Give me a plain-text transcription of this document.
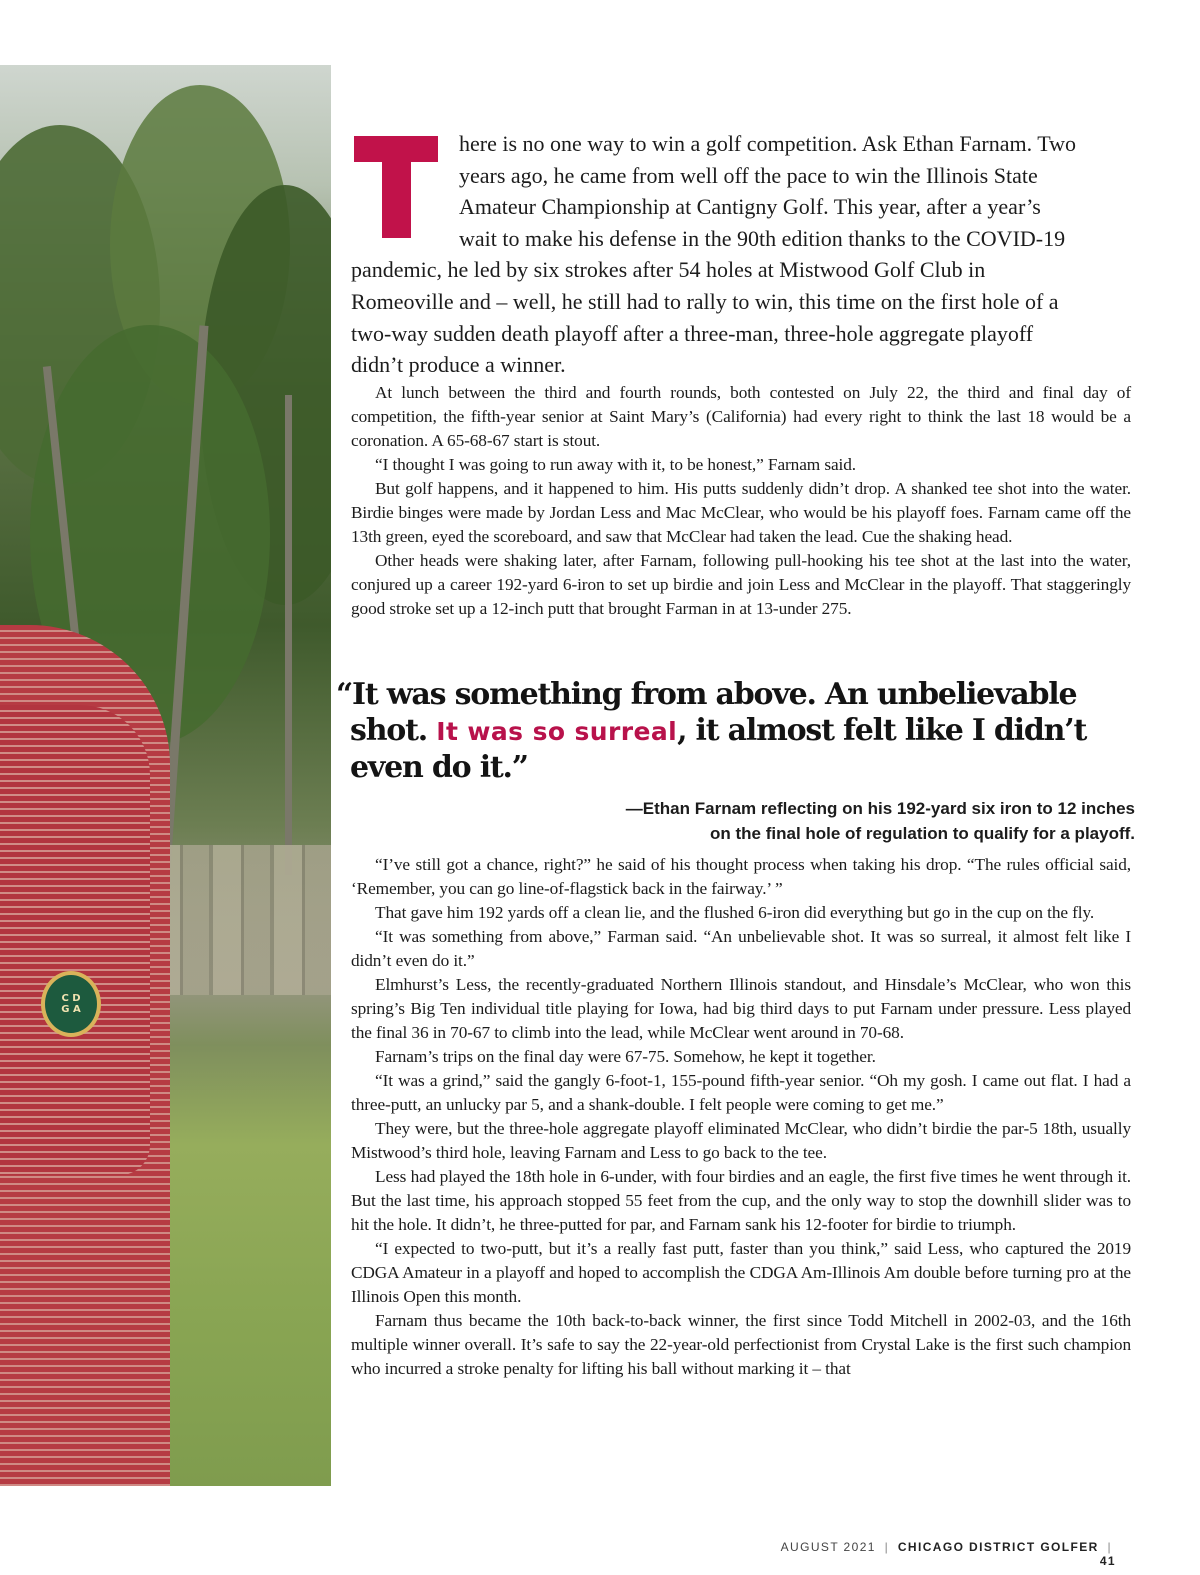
C D
G A

here is no one way to win a golf competition. Ask Ethan Farnam. Two
years ago, he came from well off the pace to win the Illinois State
Amateur Championship at Cantigny Golf. This year, after a year’s
wait to make his defense in the 90th edition thanks to the COVID-19
pandemic, he led by six strokes after 54 holes at Mistwood Golf Club in
Romeoville and – well, he still had to rally to win, this time on the first hole of a
two-way sudden death playoff after a three-man, three-hole aggregate playoff
didn’t produce a winner.

At lunch between the third and fourth rounds, both contested on July 22, the third and final day of competition, the fifth-year senior at Saint Mary’s (California) had every right to think the last 18 would be a coronation. A 65-68-67 start is stout.

“I thought I was going to run away with it, to be honest,” Farnam said.

But golf happens, and it happened to him. His putts suddenly didn’t drop. A shanked tee shot into the water. Birdie binges were made by Jordan Less and Mac McClear, who would be his playoff foes. Farnam came off the 13th green, eyed the scoreboard, and saw that McClear had taken the lead. Cue the shaking head.

Other heads were shaking later, after Farnam, following pull-hooking his tee shot at the last into the water, conjured up a career 192-yard 6-iron to set up birdie and join Less and McClear in the playoff. That staggeringly good stroke set up a 12-inch putt that brought Farman in at 13-under 275.

“It was something from above. An unbelievable shot. It was so surreal, it almost felt like I didn’t even do it.”

—Ethan Farnam reflecting on his 192-yard six iron to 12 inches
on the final hole of regulation to qualify for a playoff.

“I’ve still got a chance, right?” he said of his thought process when taking his drop. “The rules official said, ‘Remember, you can go line-of-flagstick back in the fairway.’ ”

That gave him 192 yards off a clean lie, and the flushed 6-iron did everything but go in the cup on the fly.

“It was something from above,” Farman said. “An unbelievable shot. It was so surreal, it almost felt like I didn’t even do it.”

Elmhurst’s Less, the recently-graduated Northern Illinois standout, and Hinsdale’s McClear, who won this spring’s Big Ten individual title playing for Iowa, had big third days to put Farnam under pressure. Less played the final 36 in 70-67 to climb into the lead, while McClear went around in 70-68.

Farnam’s trips on the final day were 67-75. Somehow, he kept it together.

“It was a grind,” said the gangly 6-foot-1, 155-pound fifth-year senior. “Oh my gosh. I came out flat. I had a three-putt, an unlucky par 5, and a shank-double. I felt people were coming to get me.”

They were, but the three-hole aggregate playoff eliminated McClear, who didn’t birdie the par-5 18th, usually Mistwood’s third hole, leaving Farnam and Less to go back to the tee.

Less had played the 18th hole in 6-under, with four birdies and an eagle, the first five times he went through it. But the last time, his approach stopped 55 feet from the cup, and the only way to stop the downhill slider was to hit the hole. It didn’t, he three-putted for par, and Farnam sank his 12-footer for birdie to triumph.

“I expected to two-putt, but it’s a really fast putt, faster than you think,” said Less, who captured the 2019 CDGA Amateur in a playoff and hoped to accomplish the CDGA Am-Illinois Am double before turning pro at the Illinois Open this month.

Farnam thus became the 10th back-to-back winner, the first since Todd Mitchell in 2002-03, and the 16th multiple winner overall. It’s safe to say the 22-year-old perfectionist from Crystal Lake is the first such champion who incurred a stroke penalty for lifting his ball without marking it – that

AUGUST 2021 | CHICAGO DISTRICT GOLFER | 41
